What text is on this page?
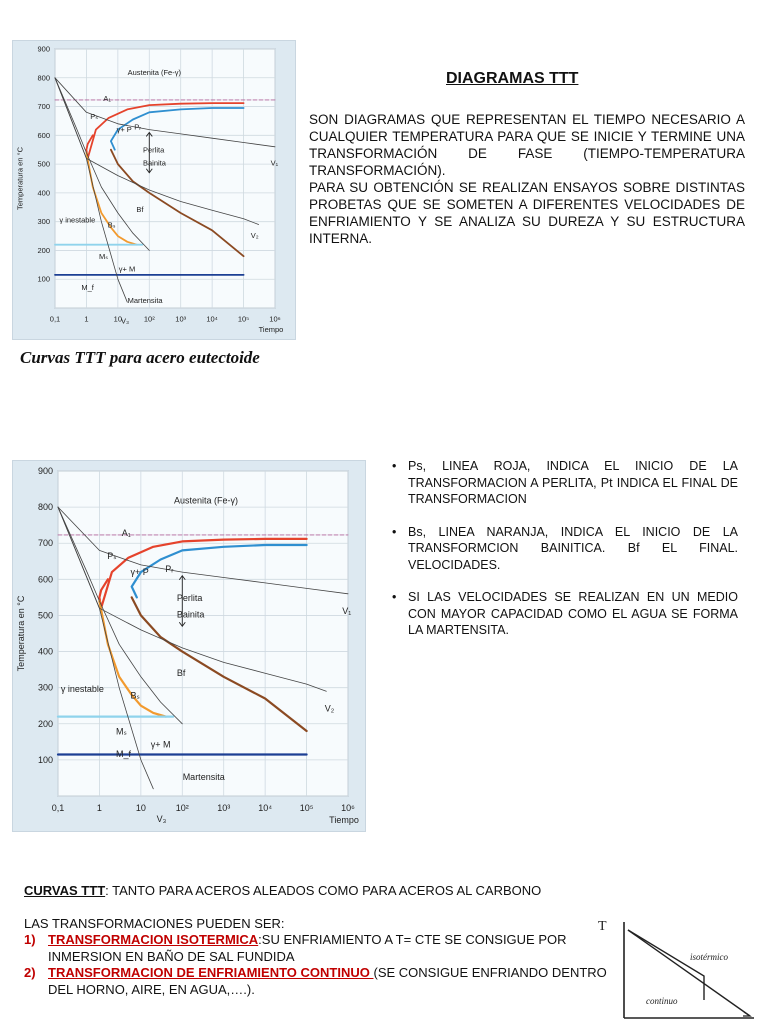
0,1	1	10	10²	10³	10⁴	10⁵	10⁶
100
200
300
400
500
600
700
800
900
Tiempo
Temperatura en °C
Austenita (Fe-γ)
A₁
Pₛ
Pᵣ
γ+ P
Perlita
Bainita
Bf
Bₛ
γ inestable
Mₛ
M_f
γ+ M
Martensita
V₁
V₂
V₃
Curvas TTT para acero eutectoide
DIAGRAMAS TTT

SON DIAGRAMAS QUE REPRESENTAN EL TIEMPO NECESARIO A CUALQUIER TEMPERATURA PARA QUE SE INICIE Y TERMINE UNA TRANSFORMACIÓN DE FASE (TIEMPO-TEMPERATURA TRANSFORMACIÓN).

PARA SU OBTENCIÓN SE REALIZAN ENSAYOS SOBRE DISTINTAS PROBETAS QUE SE SOMETEN A DIFERENTES VELOCIDADES DE ENFRIAMIENTO Y SE ANALIZA SU DUREZA Y SU ESTRUCTURA INTERNA.

0,1	1	10	10²	10³	10⁴	10⁵	10⁶
100
200
300
400
500
600
700
800
900
Tiempo
Temperatura en °C
Austenita (Fe-γ)
A₁
Pₛ
Pᵣ
γ+ P
Perlita
Bainita
Bf
Bₛ
γ inestable
Mₛ
M_f
γ+ M
Martensita
V₁
V₂
V₃
• Ps, LINEA ROJA, INDICA EL INICIO DE LA TRANSFORMACION A PERLITA, Pt INDICA EL FINAL DE TRANSFORMACION
• Bs, LINEA NARANJA, INDICA EL INICIO DE LA TRANSFORMCION BAINITICA. Bf EL FINAL. VELOCIDADES.
• SI LAS VELOCIDADES SE REALIZAN EN UN MEDIO CON MAYOR CAPACIDAD COMO EL AGUA SE FORMA LA MARTENSITA.
CURVAS TTT: TANTO PARA ACEROS ALEADOS COMO PARA ACEROS AL CARBONO
LAS TRANSFORMACIONES PUEDEN SER:
1) TRANSFORMACION ISOTERMICA:SU ENFRIAMIENTO A T= CTE SE CONSIGUE POR INMERSION EN BAÑO DE SAL FUNDIDA
2) TRANSFORMACION DE ENFRIAMIENTO CONTINUO (SE CONSIGUE ENFRIANDO DENTRO DEL HORNO, AIRE, EN AGUA,….).
T
isotérmico
continuo
